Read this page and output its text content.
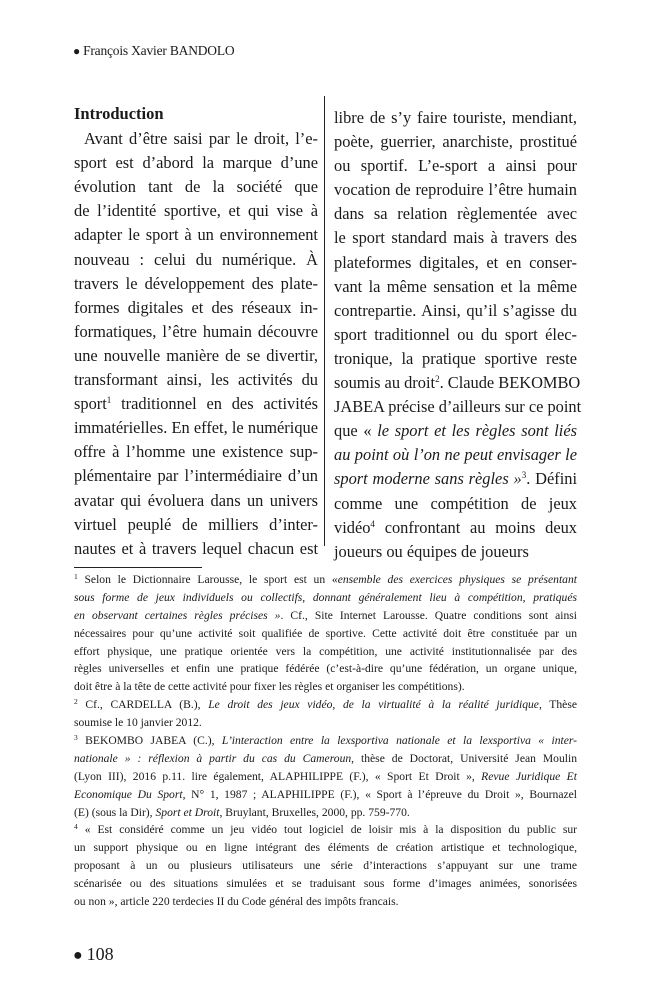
● François Xavier BANDOLO
Introduction
Avant d’être saisi par le droit, l’e-
sport est d’abord la marque d’une
évolution tant de la société que
de l’identité sportive, et qui vise à
adapter le sport à un environnement
nouveau : celui du numérique. À
travers le développement des plate-
formes digitales et des réseaux in-
formatiques, l’être humain découvre
une nouvelle manière de se divertir,
transformant ainsi, les activités du
sport$^1$ traditionnel en des activités
immatérielles. En effet, le numérique
offre à l’homme une existence sup-
plémentaire par l’intermédiaire d’un
avatar qui évoluera dans un univers
virtuel peuplé de milliers d’inter-
nautes et à travers lequel chacun est
libre de s’y faire touriste, mendiant,
poète, guerrier, anarchiste, prostitué
ou sportif. L’e-sport a ainsi pour
vocation de reproduire l’être humain
dans sa relation règlementée avec
le sport standard mais à travers des
plateformes digitales, et en conser-
vant la même sensation et la même
contrepartie. Ainsi, qu’il s’agisse du
sport traditionnel ou du sport élec-
tronique, la pratique sportive reste
soumis au droit$^2$. Claude BEKOMBO
JABEA précise d’ailleurs sur ce point
que « le sport et les règles sont liés
au point où l’on ne peut envisager le
sport moderne sans règles »$^3$. Défini
comme une compétition de jeux
vidéo$^4$ confrontant au moins deux
joueurs ou équipes de joueurs
$^1$ Selon le Dictionnaire Larousse, le sport est un «ensemble des exercices physiques se présentant
sous forme de jeux individuels ou collectifs, donnant généralement lieu à compétition, pratiqués
en observant certaines règles précises ». Cf., Site Internet Larousse. Quatre conditions sont ainsi
nécessaires pour qu’une activité soit qualifiée de sportive. Cette activité doit être constituée par un
effort physique, une pratique orientée vers la compétition, une activité institutionnalisée par des
règles universelles et enfin une pratique fédérée (c’est-à-dire qu’une fédération, un organe unique,
doit être à la tête de cette activité pour fixer les règles et organiser les compétitions).
$^2$ Cf., CARDELLA (B.), Le droit des jeux vidéo, de la virtualité à la réalité juridique, Thèse
soumise le 10 janvier 2012.
$^3$ BEKOMBO JABEA (C.), L’interaction entre la lexsportiva nationale et la lexsportiva « inter-
nationale » : réflexion à partir du cas du Cameroun, thèse de Doctorat, Université Jean Moulin
(Lyon III), 2016 p.11. lire également, ALAPHILIPPE (F.), « Sport Et Droit », Revue Juridique Et
Economique Du Sport, N° 1, 1987 ; ALAPHILIPPE (F.), « Sport à l’épreuve du Droit », Bournazel
(E) (sous la Dir), Sport et Droit, Bruylant, Bruxelles, 2000, pp. 759-770.
$^4$ « Est considéré comme un jeu vidéo tout logiciel de loisir mis à la disposition du public sur
un support physique ou en ligne intégrant des éléments de création artistique et technologique,
proposant à un ou plusieurs utilisateurs une série d’interactions s’appuyant sur une trame
scénarisée ou des situations simulées et se traduisant sous forme d’images animées, sonorisées
ou non », article 220 terdecies II du Code général des impôts francais.
● 108
